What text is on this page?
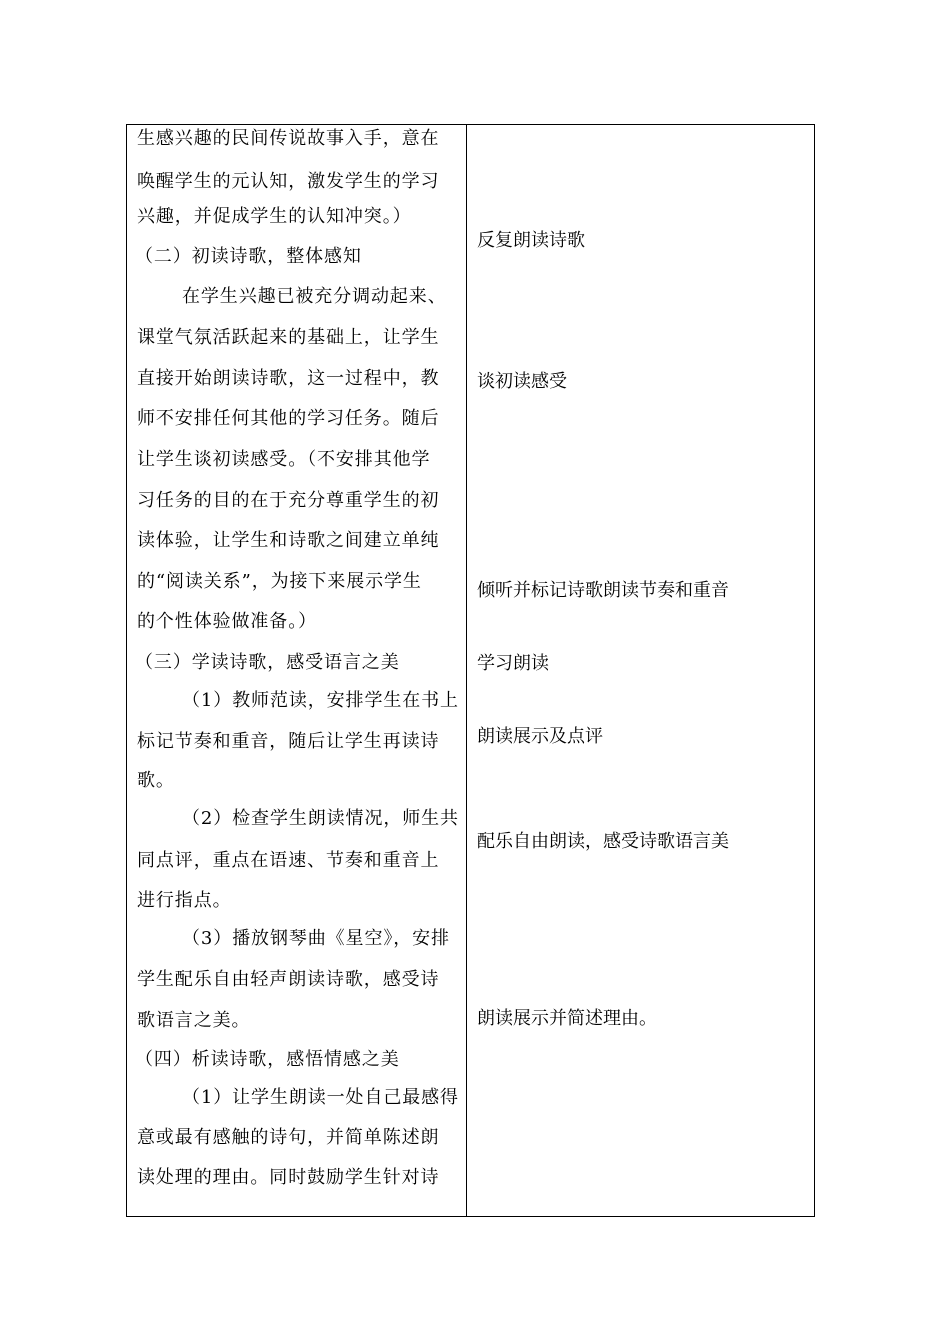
生感兴趣的民间传说故事入手，意在
唤醒学生的元认知，激发学生的学习
兴趣，并促成学生的认知冲突。）
（二）初读诗歌，整体感知
在学生兴趣已被充分调动起来、
课堂气氛活跃起来的基础上，让学生
直接开始朗读诗歌，这一过程中，教
师不安排任何其他的学习任务。随后
让学生谈初读感受。（不安排其他学
习任务的目的在于充分尊重学生的初
读体验，让学生和诗歌之间建立单纯
的“阅读关系”，为接下来展示学生
的个性体验做准备。）
（三）学读诗歌，感受语言之美
（1）教师范读，安排学生在书上
标记节奏和重音，随后让学生再读诗
歌。
（2）检查学生朗读情况，师生共
同点评，重点在语速、节奏和重音上
进行指点。
（3）播放钢琴曲《星空》，安排
学生配乐自由轻声朗读诗歌，感受诗
歌语言之美。
（四）析读诗歌，感悟情感之美
（1）让学生朗读一处自己最感得
意或最有感触的诗句，并简单陈述朗
读处理的理由。同时鼓励学生针对诗
反复朗读诗歌
谈初读感受
倾听并标记诗歌朗读节奏和重音
学习朗读
朗读展示及点评
配乐自由朗读，感受诗歌语言美
朗读展示并简述理由。
